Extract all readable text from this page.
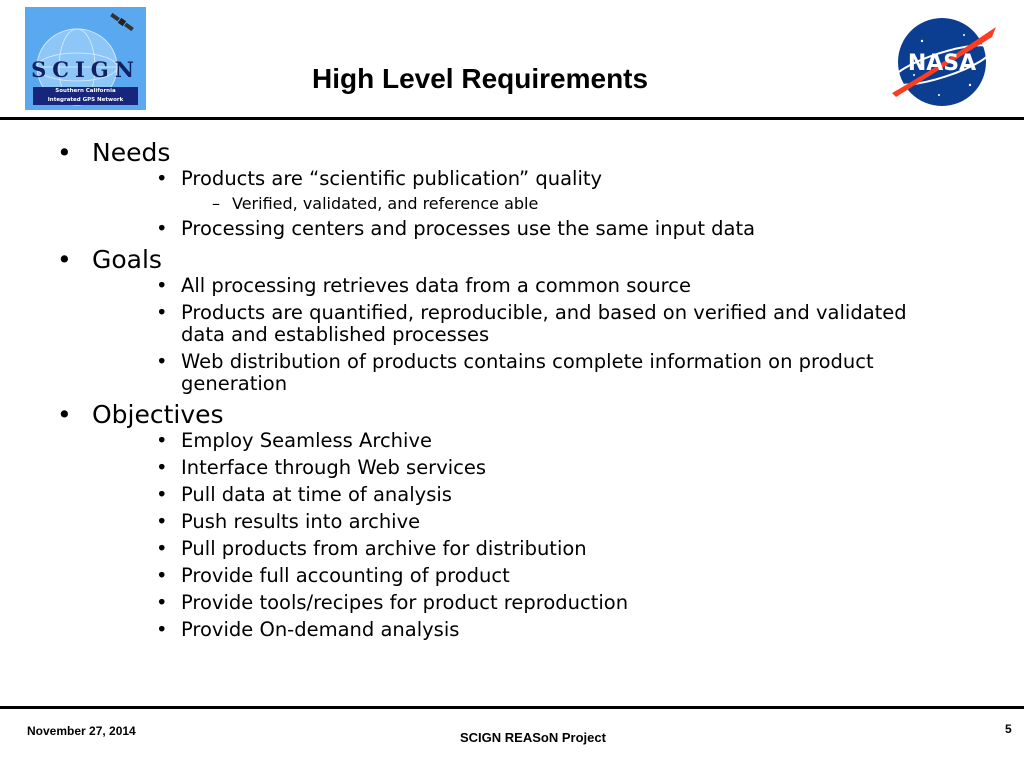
SCIGN
Southern California
Integrated GPS Network
High Level Requirements	NASA
• Needs
• Products are “scientific publication” quality
– Verified, validated, and reference able
• Processing centers and processes use the same input data
• Goals
• All processing retrieves data from a common source
• Products are quantified, reproducible, and based on verified and validated data and established processes
• Web distribution of products contains complete information on product generation
• Objectives
• Employ Seamless Archive
• Interface through Web services
• Pull data at time of analysis
• Push results into archive
• Pull products from archive for distribution
• Provide full accounting of product
• Provide tools/recipes for product reproduction
• Provide On-demand analysis
November 27, 2014	SCIGN REASoN Project
5
